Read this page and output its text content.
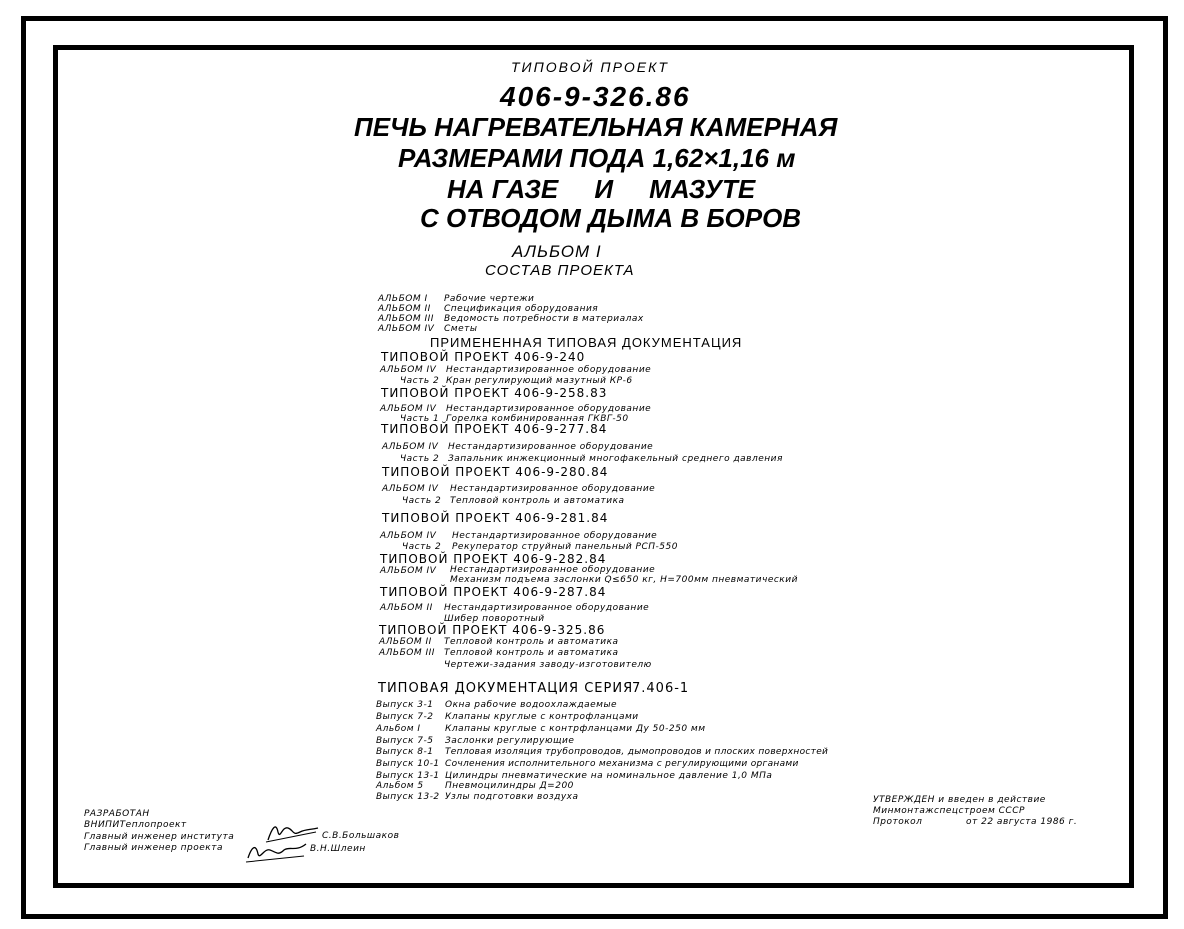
ТИПОВОЙ ПРОЕКТ
406-9-326.86
ПЕЧЬ НАГРЕВАТЕЛЬНАЯ КАМЕРНАЯ
РАЗМЕРАМИ ПОДА 1,62×1,16 м
НА ГАЗЕ     И     МАЗУТЕ
С ОТВОДОМ ДЫМА В БОРОВ
АЛЬБОМ I
СОСТАВ ПРОЕКТА
АЛЬБОМ I Рабочие чертежи
АЛЬБОМ II Спецификация оборудования
АЛЬБОМ III Ведомость потребности в материалах
АЛЬБОМ IV Сметы
ПРИМЕНЕННАЯ ТИПОВАЯ ДОКУМЕНТАЦИЯ
ТИПОВОЙ ПРОЕКТ 406-9-240
АЛЬБОМ IV Нестандартизированное оборудование
Часть 2 Кран регулирующий мазутный КР-6
ТИПОВОЙ ПРОЕКТ 406-9-258.83
АЛЬБОМ IV Нестандартизированное оборудование
Часть 1 Горелка комбинированная ГКВГ-50
ТИПОВОЙ ПРОЕКТ 406-9-277.84
АЛЬБОМ IV Нестандартизированное оборудование
Часть 2 Запальник инжекционный многофакельный среднего давления
ТИПОВОЙ ПРОЕКТ 406-9-280.84
АЛЬБОМ IV Нестандартизированное оборудование
Часть 2 Тепловой контроль и автоматика
ТИПОВОЙ ПРОЕКТ 406-9-281.84
АЛЬБОМ IV Нестандартизированное оборудование
Часть 2 Рекуператор струйный панельный РСП-550
ТИПОВОЙ ПРОЕКТ 406-9-282.84
АЛЬБОМ IV Нестандартизированное оборудование
Механизм подъема заслонки Q≤650 кг, Н=700мм пневматический
ТИПОВОЙ ПРОЕКТ 406-9-287.84
АЛЬБОМ II Нестандартизированное оборудование
Шибер поворотный
ТИПОВОЙ ПРОЕКТ 406-9-325.86
АЛЬБОМ II Тепловой контроль и автоматика
АЛЬБОМ III Тепловой контроль и автоматика
Чертежи-задания заводу-изготовителю
ТИПОВАЯ ДОКУМЕНТАЦИЯ СЕРИЯ
7.406-1
Выпуск 3-1 Окна рабочие водоохлаждаемые
Выпуск 7-2 Клапаны круглые с контрофланцами
Альбом I	Клапаны круглые с контрфланцами Ду 50-250 мм
Выпуск 7-5 Заслонки регулирующие
Выпуск 8-1 Тепловая изоляция трубопроводов, дымопроводов и плоских поверхностей
Выпуск 10-1 Сочленения исполнительного механизма с регулирующими органами
Выпуск 13-1 Цилиндры пневматические на номинальное давление 1,0 МПа
Альбом 5 Пневмоцилиндры Д=200
Выпуск 13-2 Узлы подготовки воздуха
РАЗРАБОТАН
ВНИПИТеплопроект
Главный инженер института
Главный инженер проекта
С.В.Большаков
В.Н.Шлеин
УТВЕРЖДЕН и введен в действие
Минмонтажспецстроем СССР
Протокол	от 22 августа 1986 г.
